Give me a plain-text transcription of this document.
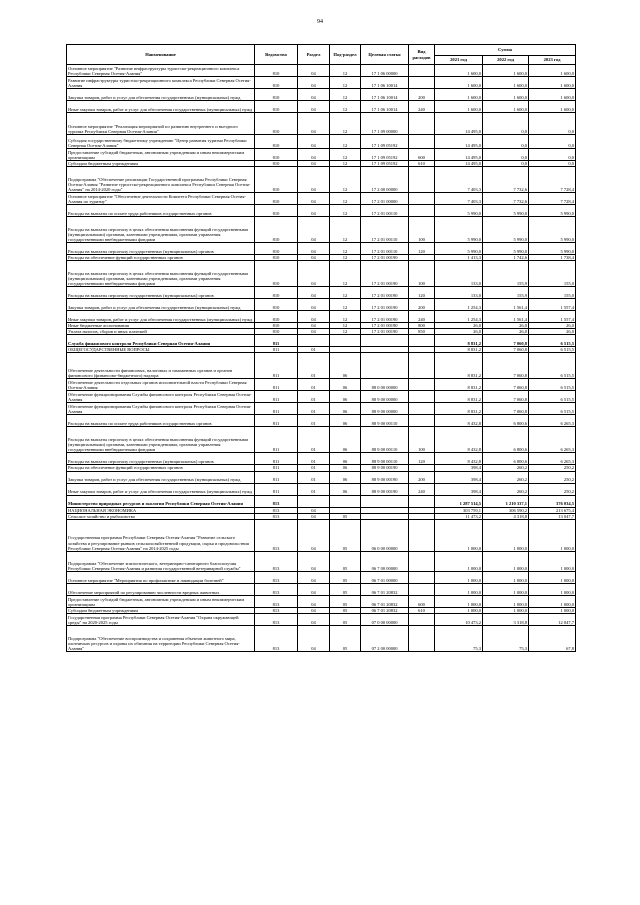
94
Наименование	Ведомство	Раздел	Под-раздел	Целевая статья	Вид расходов	Сумма		
						2021 год	2022 год	2023 год
Основное мероприятие "Развитие инфраструктуры туристско-рекреационного комплекса Республики Северная Осетия-Алания"	810	04	12	17 1 06 00000		1 600,0	1 600,0	1 600,0
Развитие инфраструктуры туристско-рекреационного комплекса Республики Северная Осетия-Алания	810	04	12	17 1 06 10014		1 600,0	1 600,0	1 600,0
Закупка товаров, работ и услуг для обеспечения государственных (муниципальных) нужд	810	04	12	17 1 06 10014	200	1 600,0	1 600,0	1 600,0
Иные закупки товаров, работ и услуг для обеспечения государственных (муниципальных) нужд	810	04	12	17 1 06 10014	240	1 600,0	1 600,0	1 600,0
Основное мероприятие "Реализация мероприятий по развитию внутреннего и въездного туризма Республики Северная Осетия-Алания"	810	04	12	17 1 09 00000		14 495,0	0,0	0,0
Субсидия государственному бюджетному учреждению "Центр развития туризма Республики Северная Осетия-Алания"	810	04	12	17 1 09 05192		14 495,0	0,0	0,0
Предоставление субсидий бюджетным, автономным учреждениям и иным некоммерческим организациям	810	04	12	17 1 09 05192	600	14 495,0	0,0	0,0
Субсидии бюджетным учреждениям	810	04	12	17 1 09 05192	610	14 495,0	0,0	0,0
Подпрограмма "Обеспечение реализации Государственной программы Республики Северная Осетия-Алания "Развитие туристско-рекреационного комплекса Республики Северная Осетия-Алания" на 2014-2020 годы"	810	04	12	17 2 00 00000		7 403,3	7 732,6	7 728,4
Основное мероприятие "Обеспечение деятельности Комитета Республики Северная Осетия-Алания по туризму"	810	04	12	17 2 01 00000		7 403,3	7 732,6	7 728,4
Расходы на выплаты по оплате труда работников государственных органов	810	04	12	17 2 01 00110		5 990,0	5 990,0	5 990,0
Расходы на выплаты персоналу в целях обеспечения выполнения функций государственными (муниципальными) органами, казенными учреждениями, органами управления государственными внебюджетными фондами	810	04	12	17 2 01 00110	100	5 990,0	5 990,0	5 990,0
Расходы на выплаты персоналу государственных (муниципальных) органов	810	04	12	17 2 01 00110	120	5 990,0	5 990,0	5 990,0
Расходы на обеспечение функций государственных органов	810	04	12	17 2 01 00190		1 413,3	1 742,6	1 738,4
Расходы на выплаты персоналу в целях обеспечения выполнения функций государственными (муниципальными) органами, казенными учреждениями, органами управления государственными внебюджетными фондами	810	04	12	17 2 01 00190	100	133,0	155,9	155,0
Расходы на выплаты персоналу государственных (муниципальных) органов	810	04	12	17 2 01 00190	120	133,0	155,9	155,0
Закупка товаров, работ и услуг для обеспечения государственных (муниципальных) нужд	810	04	12	17 2 01 00190	200	1 254,3	1 561,4	1 557,4
Иные закупки товаров, работ и услуг для обеспечения государственных (муниципальных) нужд	810	04	12	17 2 01 00190	240	1 254,3	1 561,4	1 557,4
Иные бюджетные ассигнования	810	04	12	17 2 01 00190	800	26,0	26,0	26,0
Уплата налогов, сборов и иных платежей	810	04	12	17 2 01 00190	850	26,0	26,0	26,0
Служба финансового контроля Республики Северная Осетия-Алания	811					8 831,2	7 060,8	6 515,5
ОБЩЕГОСУДАРСТВЕННЫЕ ВОПРОСЫ	811	01				8 831,2	7 060,8	6 515,5
Обеспечение деятельности финансовых, налоговых и таможенных органов и органов финансового (финансово-бюджетного) надзора	811	01	06			8 831,2	7 060,8	6 515,5
Обеспечение деятельности отдельных органов исполнительной власти Республики Северная Осетия-Алания	811	01	06	88 0 00 00000		8 831,2	7 060,8	6 515,5
Обеспечение функционирования Службы финансового контроля Республики Северная Осетия-Алания	811	01	06	88 9 00 00000		8 831,2	7 060,8	6 515,5
Обеспечение функционирования Службы финансового контроля Республики Северная Осетия-Алания	811	01	06	88 9 00 00000		8 831,2	7 060,8	6 515,5
Расходы на выплаты по оплате труда работников государственных органов	811	01	06	88 9 00 00110		8 432,8	6 800,6	6 265,3
Расходы на выплаты персоналу в целях обеспечения выполнения функций государственными (муниципальными) органами, казенными учреждениями, органами управления государственными внебюджетными фондами	811	01	06	88 9 00 00110	100	8 432,8	6 800,6	6 265,3
Расходы на выплаты персоналу государственных (муниципальных) органов	811	01	06	88 9 00 00110	120	8 432,8	6 800,6	6 265,3
Расходы на обеспечение функций государственных органов	811	01	06	88 9 00 00190		398,4	260,2	250,2
Закупка товаров, работ и услуг для обеспечения государственных (муниципальных) нужд	811	01	06	88 9 00 00190	200	398,4	260,2	250,2
Иные закупки товаров, работ и услуг для обеспечения государственных (муниципальных) нужд	811	01	06	88 9 00 00190	240	398,4	260,2	250,2
Министерство природных ресурсов и экологии Республики Северная Осетия-Алания	813					1 287 514,5	1 210 337,1	376 034,5
НАЦИОНАЛЬНАЯ ЭКОНОМИКА	813	04				303 759,1	306 590,2	213 675,4
Сельское хозяйство и рыболовство	813	04	05			11 473,2	4 318,8	13 047,7
Государственная программа Республики Северная Осетия-Алания "Развитие сельского хозяйства и регулирование рынков сельскохозяйственной продукции, сырья и продовольствия Республики Северная Осетия-Алания" на 2014-2025 годы	813	04	05	06 0 00 00000		1 000,0	1 000,0	1 000,0
Подпрограмма "Обеспечение эпизоотического, ветеринарно-санитарного благополучия Республики Северная Осетия-Алания и развития государственной ветеринарной службы"	813	04	05	06 7 00 00000		1 000,0	1 000,0	1 000,0
Основное мероприятие "Мероприятия по профилактике и ликвидации болезней"	813	04	05	06 7 01 00000		1 000,0	1 000,0	1 000,0
Обеспечение мероприятий по регулированию численности вредных животных	813	04	05	06 7 01 20832		1 000,0	1 000,0	1 000,0
Предоставление субсидий бюджетным, автономным учреждениям и иным некоммерческим организациям	813	04	05	06 7 01 20832	600	1 000,0	1 000,0	1 000,0
Субсидии бюджетным учреждениям	813	04	05	06 7 01 20832	610	1 000,0	1 000,0	1 000,0
Государственная программа Республики Северная Осетия-Алания "Охрана окружающей среды" на 2020-2025 годы	813	04	05	07 0 00 00000		10 473,2	3 318,8	12 047,7
Подпрограмма "Обеспечение воспроизводства и сохранения объектов животного мира, охотничьих ресурсов и охраны их обитания на территории Республики Северная Осетия-Алания"	813	04	05	07 2 00 00000		75,3	75,3	67,8
